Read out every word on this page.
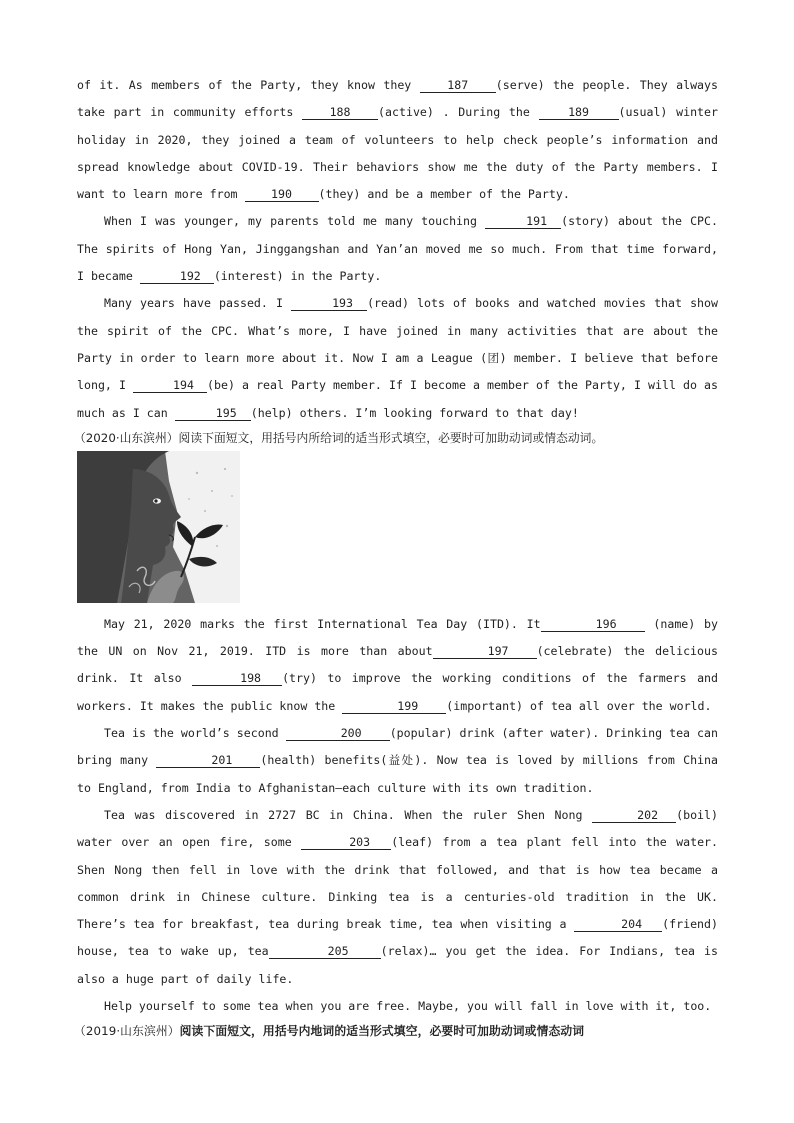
of it. As members of the Party, they know they 187 (serve) the people. They always take part in community efforts 188 (active) . During the	189	(usual) winter holiday in 2020, they joined a team of volunteers to help check people’s information and spread knowledge about COVID-19. Their behaviors show me the duty of the Party members. I want to learn more from 190 (they) and be a member of the Party.

When I was younger, my parents told me many touching	191 (story) about the CPC. The spirits of Hong Yan, Jinggangshan and Yan’an moved me so much. From that time forward, I became	192 (interest) in the Party.

Many years have passed. I	193 (read) lots of books and watched movies that show the spirit of the CPC. What’s more, I have joined in many activities that are about the Party in order to learn more about it. Now I am a League (团) member. I believe that before long, I	194 (be) a real Party member. If I become a member of the Party, I will do as much as I can	195 (help) others. I’m looking forward to that day!

（2020·山东滨州）阅读下面短文，用括号内所给词的适当形式填空，必要时可加助动词或情态动词。

May 21, 2020 marks the first International Tea Day (ITD). It	196	(name) by the UN on Nov 21, 2019. ITD is more than about	197 (celebrate) the delicious drink. It also	198 (try) to improve the working conditions of the farmers and workers. It makes the public know the	199 (important) of tea all over the world.

Tea is the world’s second	200 (popular) drink (after water). Drinking tea can bring many	201 (health) benefits(益处). Now tea is loved by millions from China to England, from India to Afghanistan—each culture with its own tradition.

Tea was discovered in 2727 BC in China. When the ruler Shen Nong	202 (boil) water over an open fire, some	203 (leaf) from a tea plant fell into the water. Shen Nong then fell in love with the drink that followed, and that is how tea became a common drink in Chinese culture. Dinking tea is a centuries-old tradition in the UK. There’s tea for breakfast, tea during break time, tea when visiting a	204 (friend) house, tea to wake up, tea	205	(relax)… you get the idea. For Indians, tea is also a huge part of daily life.

Help yourself to some tea when you are free. Maybe, you will fall in love with it, too.

（2019·山东滨州）阅读下面短文，用括号内地词的适当形式填空，必要时可加助动词或情态动词
